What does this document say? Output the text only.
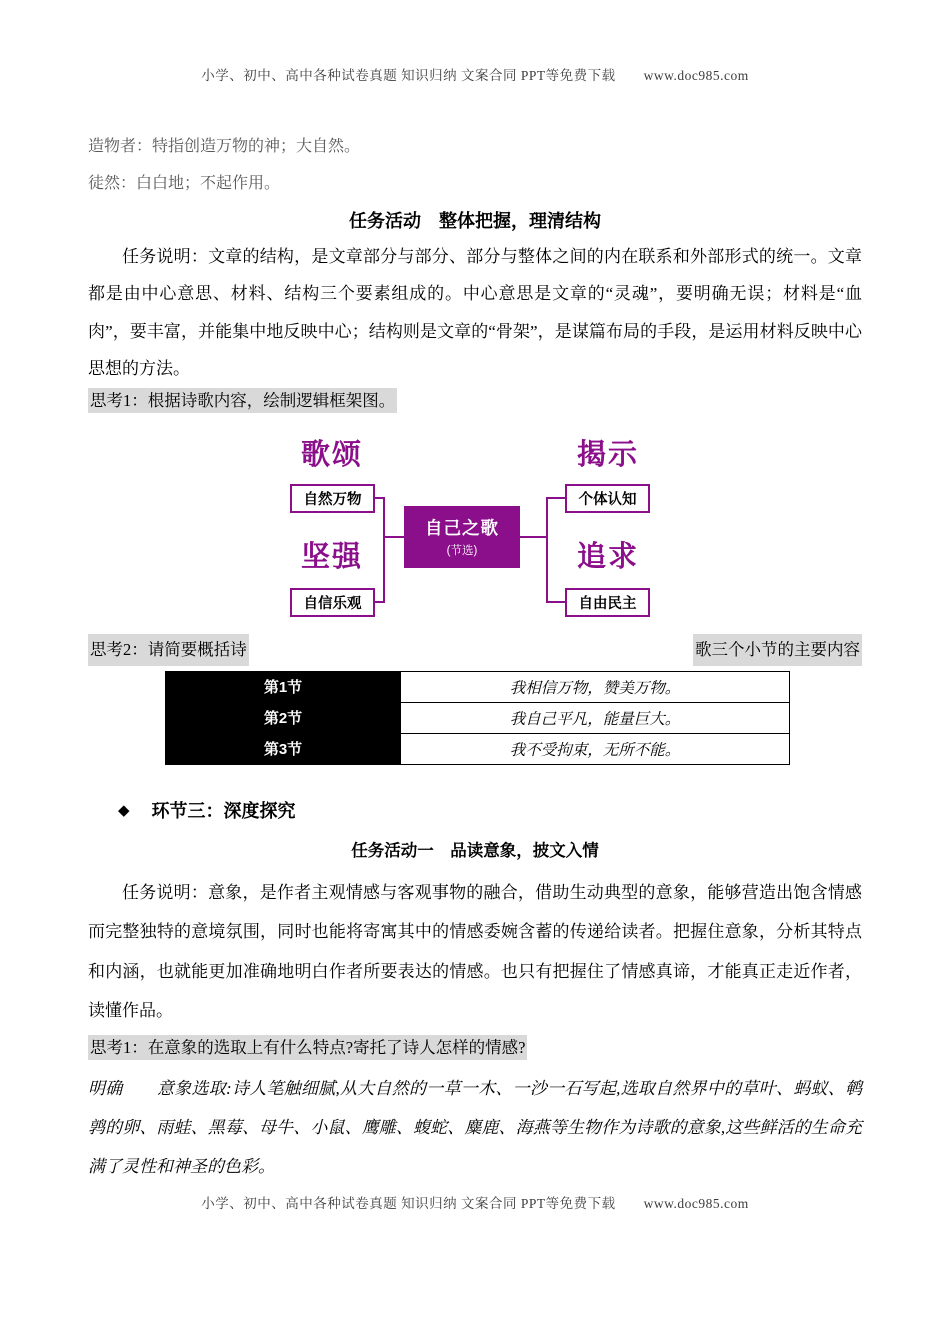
小学、初中、高中各种试卷真题 知识归纳 文案合同 PPT等免费下载　　www.doc985.com

造物者：特指创造万物的神；大自然。

徒然：白白地；不起作用。

任务活动　整体把握，理清结构

任务说明：文章的结构，是文章部分与部分、部分与整体之间的内在联系和外部形式的统一。文章都是由中心意思、材料、结构三个要素组成的。中心意思是文章的“灵魂”，要明确无误；材料是“血肉”，要丰富，并能集中地反映中心；结构则是文章的“骨架”，是谋篇布局的手段，是运用材料反映中心思想的方法。

思考1：根据诗歌内容，绘制逻辑框架图。

歌颂	揭示
坚强	追求
自然万物	个体认知
自信乐观	自由民主
自己之歌
(节选)
思考2：请简要概括诗	歌三个小节的主要内容
第1节	我相信万物，赞美万物。
第2节	我自己平凡，能量巨大。
第3节	我不受拘束，无所不能。
◆ 环节三：深度探究
任务活动一　品读意象，披文入情

任务说明：意象，是作者主观情感与客观事物的融合，借助生动典型的意象，能够营造出饱含情感而完整独特的意境氛围，同时也能将寄寓其中的情感委婉含蓄的传递给读者。把握住意象，分析其特点和内涵，也就能更加准确地明白作者所要表达的情感。也只有把握住了情感真谛，才能真正走近作者，读懂作品。

思考1：在意象的选取上有什么特点?寄托了诗人怎样的情感?

明确　　意象选取:诗人笔触细腻,从大自然的一草一木、一沙一石写起,选取自然界中的草叶、蚂蚁、鹌鹑的卵、雨蛙、黑莓、母牛、小鼠、鹰雕、蝮蛇、麋鹿、海燕等生物作为诗歌的意象,这些鲜活的生命充满了灵性和神圣的色彩。

小学、初中、高中各种试卷真题 知识归纳 文案合同 PPT等免费下载　　www.doc985.com
